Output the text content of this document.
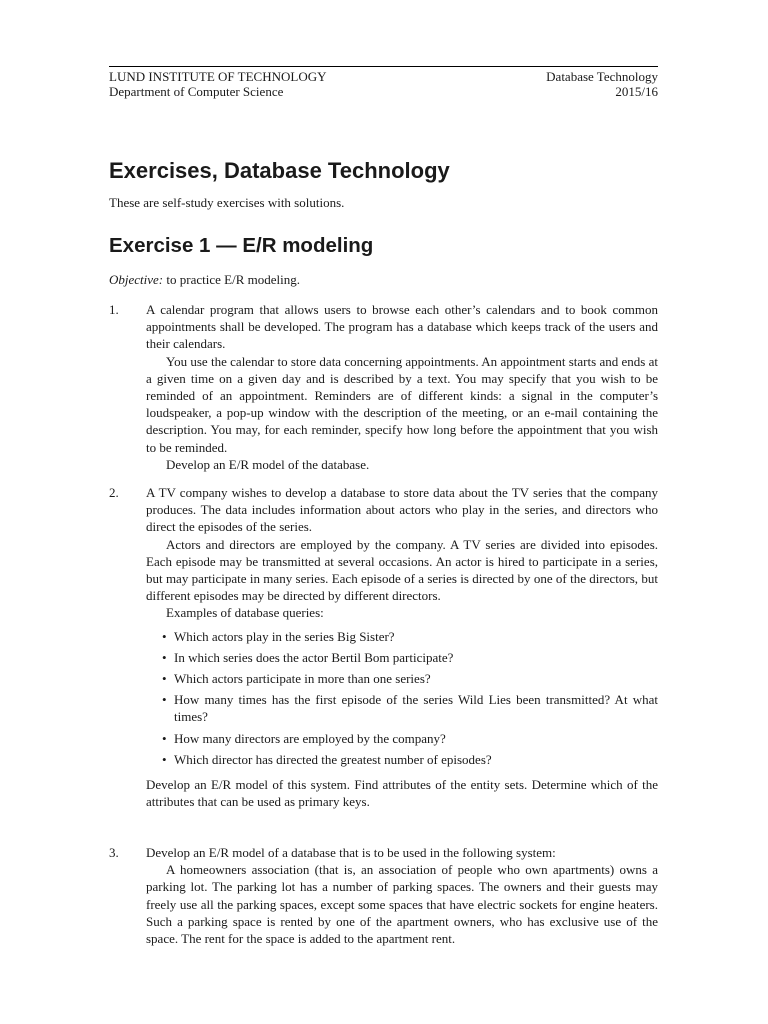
LUND INSTITUTE OF TECHNOLOGY	Database Technology
Department of Computer Science	2015/16
Exercises, Database Technology
These are self-study exercises with solutions.
Exercise 1 — E/R modeling
Objective: to practice E/R modeling.
1. A calendar program that allows users to browse each other’s calendars and to book common appointments shall be developed. The program has a database which keeps track of the users and their calendars.

You use the calendar to store data concerning appointments. An appointment starts and ends at a given time on a given day and is described by a text. You may specify that you wish to be reminded of an appointment. Reminders are of different kinds: a signal in the computer’s loudspeaker, a pop-up window with the description of the meeting, or an e-mail containing the description. You may, for each reminder, specify how long before the appointment that you wish to be reminded.

Develop an E/R model of the database.

2. A TV company wishes to develop a database to store data about the TV series that the company produces. The data includes information about actors who play in the series, and directors who direct the episodes of the series.

Actors and directors are employed by the company. A TV series are divided into episodes. Each episode may be transmitted at several occasions. An actor is hired to participate in a series, but may participate in many series. Each episode of a series is directed by one of the directors, but different episodes may be directed by different directors.

Examples of database queries:

• Which actors play in the series Big Sister?
• In which series does the actor Bertil Bom participate?
• Which actors participate in more than one series?
• How many times has the first episode of the series Wild Lies been transmitted? At what times?
• How many directors are employed by the company?
• Which director has directed the greatest number of episodes?

Develop an E/R model of this system. Find attributes of the entity sets. Determine which of the attributes that can be used as primary keys.

3. Develop an E/R model of a database that is to be used in the following system:

A homeowners association (that is, an association of people who own apartments) owns a parking lot. The parking lot has a number of parking spaces. The owners and their guests may freely use all the parking spaces, except some spaces that have electric sockets for engine heaters. Such a parking space is rented by one of the apartment owners, who has exclusive use of the space. The rent for the space is added to the apartment rent.
